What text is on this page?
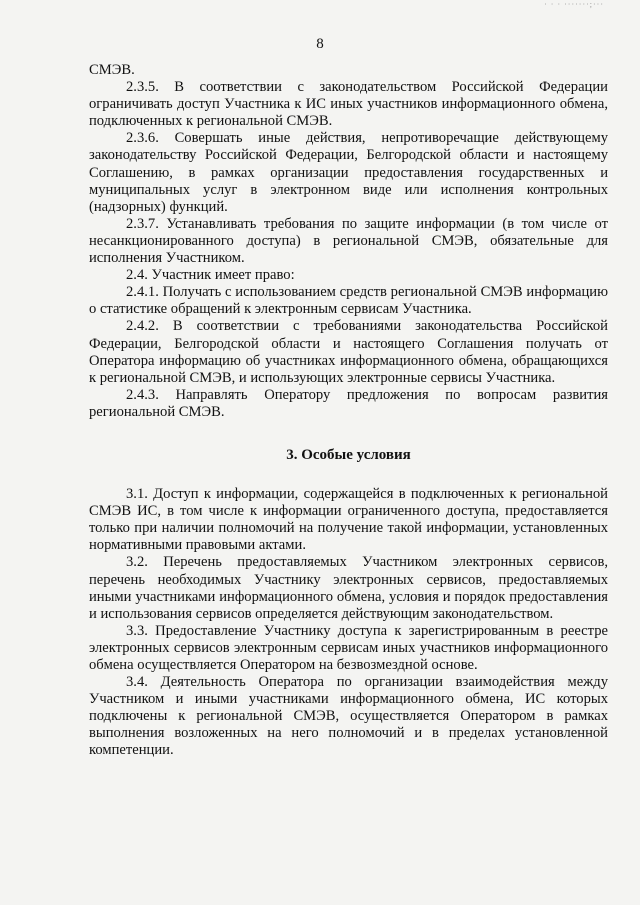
· · · ·······;···
8

СМЭВ.

2.3.5. В соответствии с законодательством Российской Федерации ограничивать доступ Участника к ИС иных участников информационного обмена, подключенных к региональной СМЭВ.

2.3.6. Совершать иные действия, непротиворечащие действующему законодательству Российской Федерации, Белгородской области и настоящему Соглашению, в рамках организации предоставления государственных и муниципальных услуг в электронном виде или исполнения контрольных (надзорных) функций.

2.3.7. Устанавливать требования по защите информации (в том числе от несанкционированного доступа) в региональной СМЭВ, обязательные для исполнения Участником.

2.4. Участник имеет право:

2.4.1. Получать с использованием средств региональной СМЭВ информацию о статистике обращений к электронным сервисам Участника.

2.4.2. В соответствии с требованиями законодательства Российской Федерации, Белгородской области и настоящего Соглашения получать от Оператора информацию об участниках информационного обмена, обращающихся к региональной СМЭВ, и использующих электронные сервисы Участника.

2.4.3. Направлять Оператору предложения по вопросам развития региональной СМЭВ.

3. Особые условия

3.1. Доступ к информации, содержащейся в подключенных к региональной СМЭВ ИС, в том числе к информации ограниченного доступа, предоставляется только при наличии полномочий на получение такой информации, установленных нормативными правовыми актами.

3.2. Перечень предоставляемых Участником электронных сервисов, перечень необходимых Участнику электронных сервисов, предоставляемых иными участниками информационного обмена, условия и порядок предоставления и использования сервисов определяется действующим законодательством.

3.3. Предоставление Участнику доступа к зарегистрированным в реестре электронных сервисов электронным сервисам иных участников информационного обмена осуществляется Оператором на безвозмездной основе.

3.4. Деятельность Оператора по организации взаимодействия между Участником и иными участниками информационного обмена, ИС которых подключены к региональной СМЭВ, осуществляется Оператором в рамках выполнения возложенных на него полномочий и в пределах установленной компетенции.
